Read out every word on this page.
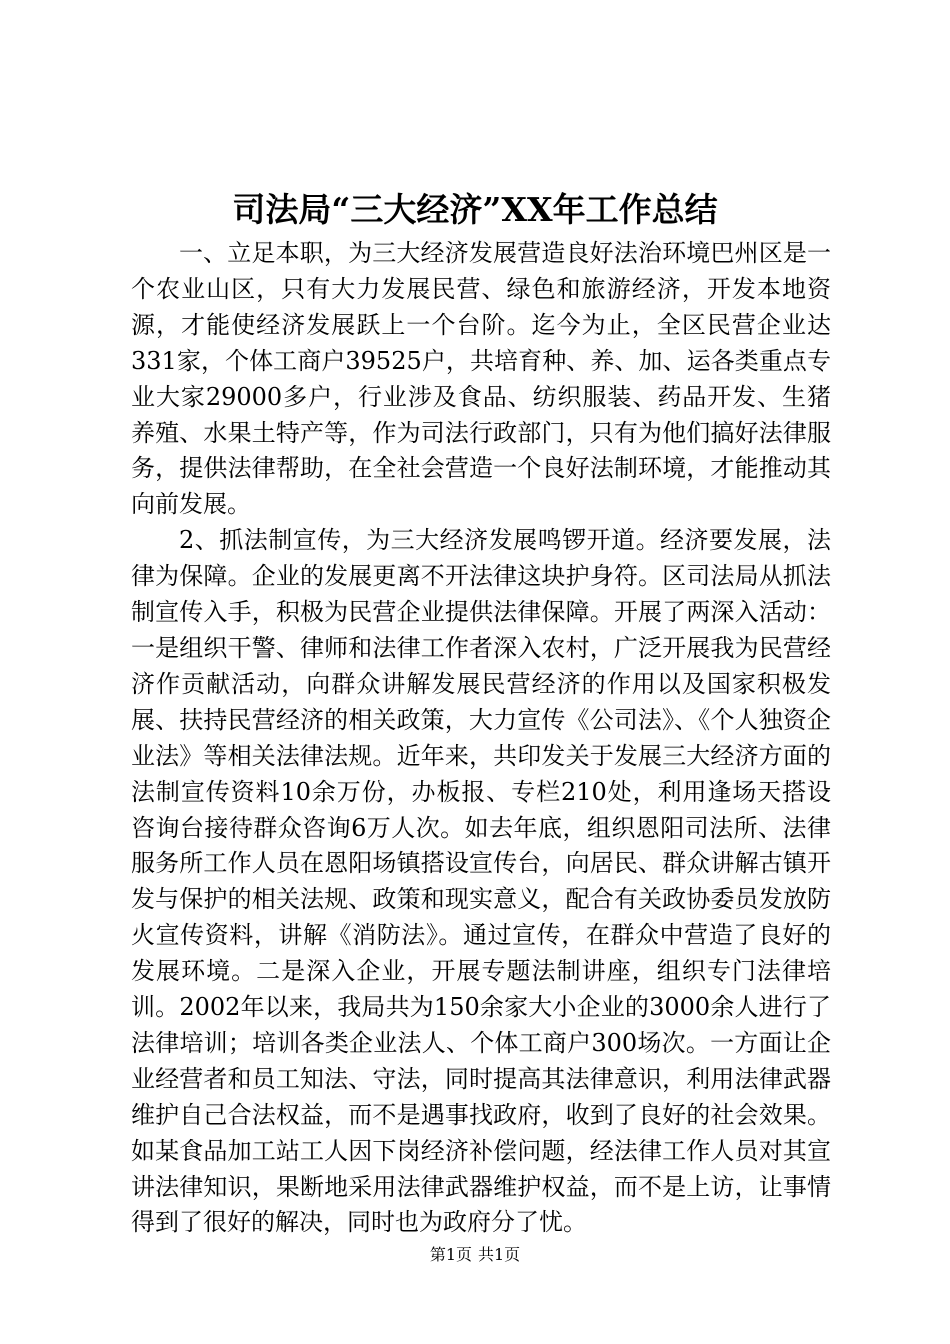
司法局“三大经济”XX年工作总结

一、立足本职，为三大经济发展营造良好法治环境巴州区是一个农业山区，只有大力发展民营、绿色和旅游经济，开发本地资源，才能使经济发展跃上一个台阶。迄今为止，全区民营企业达331家，个体工商户39525户，共培育种、养、加、运各类重点专业大家29000多户，行业涉及食品、纺织服装、药品开发、生猪养殖、水果土特产等，作为司法行政部门，只有为他们搞好法律服务，提供法律帮助，在全社会营造一个良好法制环境，才能推动其向前发展。

2、抓法制宣传，为三大经济发展鸣锣开道。经济要发展，法律为保障。企业的发展更离不开法律这块护身符。区司法局从抓法制宣传入手，积极为民营企业提供法律保障。开展了两深入活动：一是组织干警、律师和法律工作者深入农村，广泛开展我为民营经济作贡献活动，向群众讲解发展民营经济的作用以及国家积极发展、扶持民营经济的相关政策，大力宣传《公司法》、《个人独资企业法》等相关法律法规。近年来，共印发关于发展三大经济方面的法制宣传资料10余万份，办板报、专栏210处，利用逢场天搭设咨询台接待群众咨询6万人次。如去年底，组织恩阳司法所、法律服务所工作人员在恩阳场镇搭设宣传台，向居民、群众讲解古镇开发与保护的相关法规、政策和现实意义，配合有关政协委员发放防火宣传资料，讲解《消防法》。通过宣传，在群众中营造了良好的发展环境。二是深入企业，开展专题法制讲座，组织专门法律培训。2002年以来，我局共为150余家大小企业的3000余人进行了法律培训；培训各类企业法人、个体工商户300场次。一方面让企业经营者和员工知法、守法，同时提高其法律意识，利用法律武器维护自己合法权益，而不是遇事找政府，收到了良好的社会效果。如某食品加工站工人因下岗经济补偿问题，经法律工作人员对其宣讲法律知识，果断地采用法律武器维护权益，而不是上访，让事情得到了很好的解决，同时也为政府分了忧。

第1页 共1页
